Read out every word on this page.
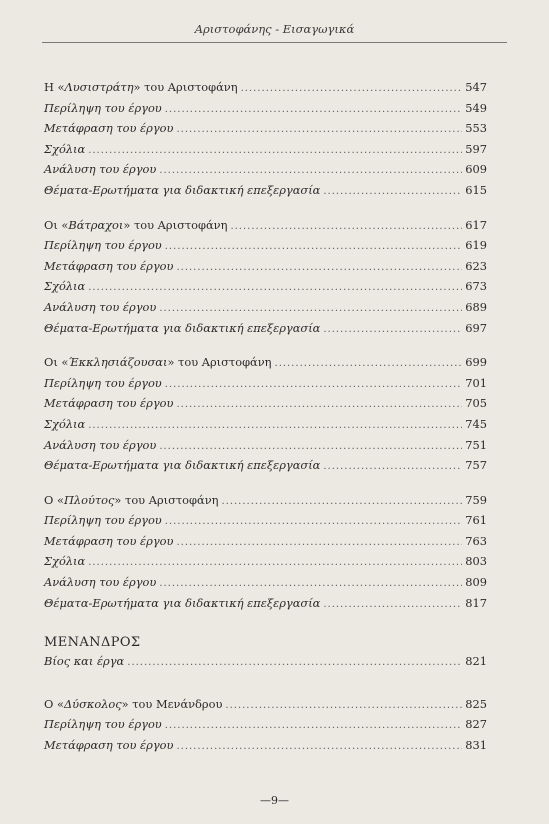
Αριστοφάνης - Εισαγωγικά
Η «Λυσιστράτη» του Αριστοφάνη .....	547
Περίληψη του έργου .....	549
Μετάφραση του έργου .....	553
Σχόλια .....	597
Ανάλυση του έργου .....	609
Θέματα-Ερωτήματα για διδακτική επεξεργασία .....	615
Οι «Βάτραχοι» του Αριστοφάνη .....	617
Περίληψη του έργου .....	619
Μετάφραση του έργου .....	623
Σχόλια .....	673
Ανάλυση του έργου .....	689
Θέματα-Ερωτήματα για διδακτική επεξεργασία .....	697
Οι «Έκκλησιάζουσαι» του Αριστοφάνη .....	699
Περίληψη του έργου .....	701
Μετάφραση του έργου .....	705
Σχόλια .....	745
Ανάλυση του έργου .....	751
Θέματα-Ερωτήματα για διδακτική επεξεργασία .....	757
Ο «Πλούτος» του Αριστοφάνη .....	759
Περίληψη του έργου .....	761
Μετάφραση του έργου .....	763
Σχόλια .....	803
Ανάλυση του έργου .....	809
Θέματα-Ερωτήματα για διδακτική επεξεργασία .....	817
ΜΕΝΑΝΔΡΟΣ
Βίος και έργα .....	821
Ο «Δύσκολος» του Μενάνδρου .....	825
Περίληψη του έργου .....	827
Μετάφραση του έργου .....	831
—9—
